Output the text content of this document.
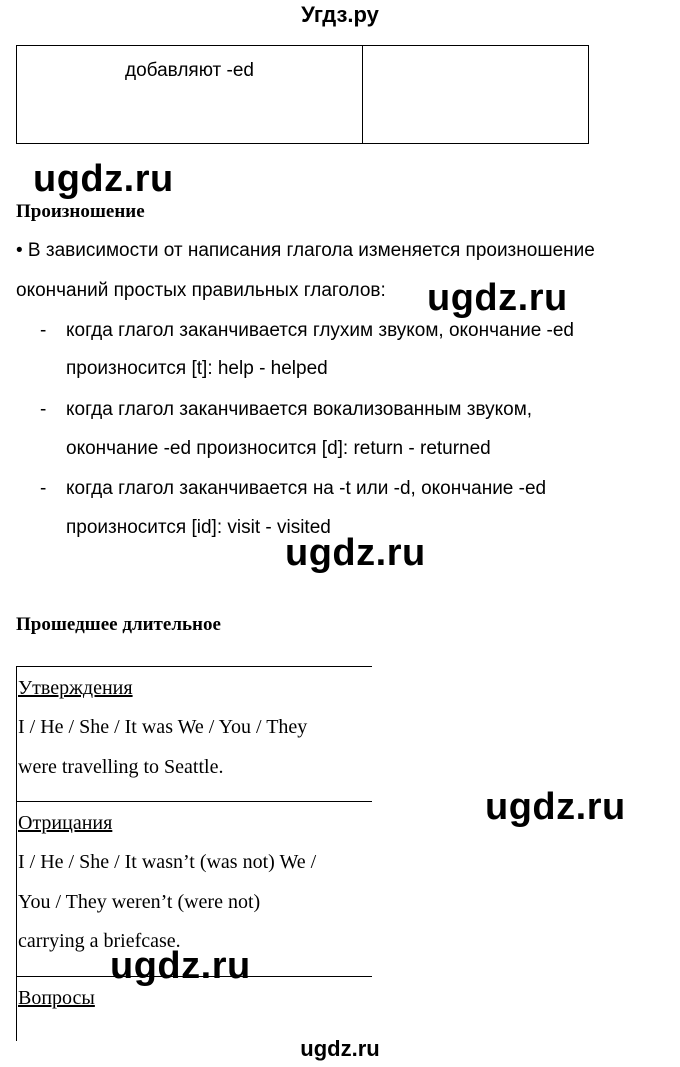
Угдз.ру
добавляют -ed
ugdz.ru
Произношение
• В зависимости от написания глагола изменяется произношение
окончаний простых правильных глаголов: ugdz.ru
- когда глагол заканчивается глухим звуком, окончание -ed
произносится [t]: help - helped
- когда глагол заканчивается вокализованным звуком,
окончание -ed произносится [d]: return - returned
- когда глагол заканчивается на -t или -d, окончание -ed
произносится [id]: visit - visited
ugdz.ru
Прошедшее длительное
Утверждения
I / He / She / It was We / You / They
were travelling to Seattle.
ugdz.ru
Отрицания
I / He / She / It wasn’t (was not) We /
You / They weren’t (were not)
carrying a briefcase.
ugdz.ru
Вопросы
ugdz.ru
